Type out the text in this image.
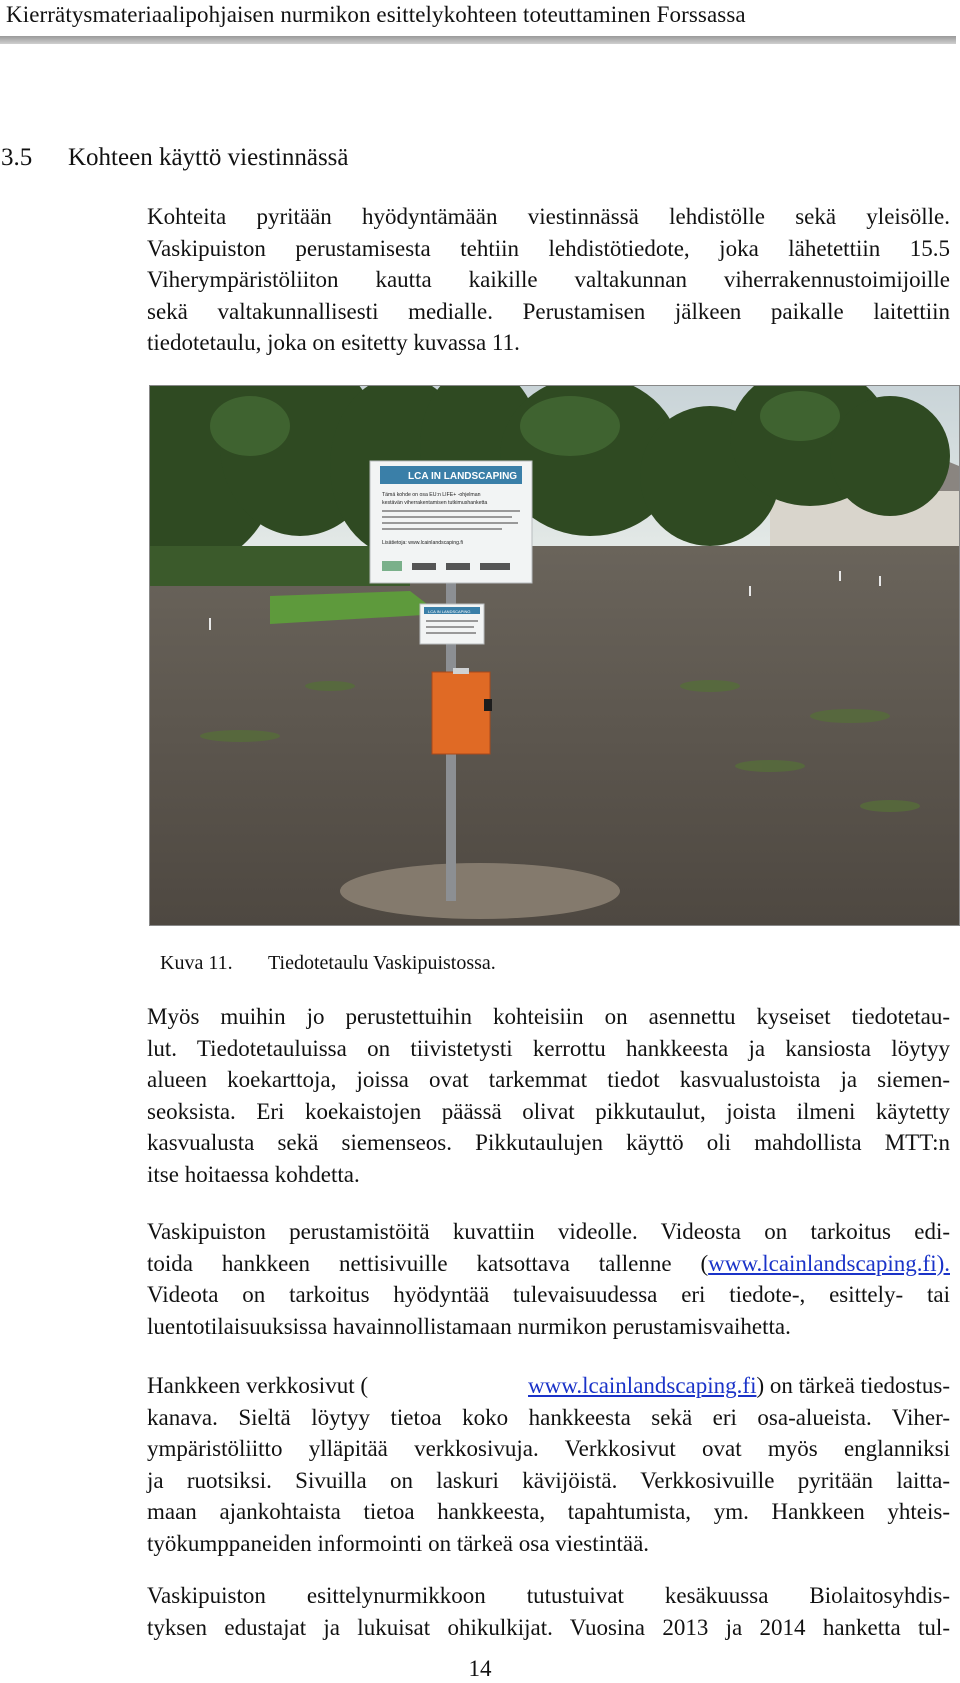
Kierrätysmateriaalipohjaisen nurmikon esittelykohteen toteuttaminen Forssassa
3.5 Kohteen käyttö viestinnässä
Kohteita pyritään hyödyntämään viestinnässä lehdistölle sekä yleisölle.
Vaskipuiston perustamisesta tehtiin lehdistötiedote, joka lähetettiin 15.5
Viherympäristöliiton kautta kaikille valtakunnan viherrakennustoimijoille
sekä valtakunnallisesti medialle. Perustamisen jälkeen paikalle laitettiin
tiedotetaulu, joka on esitetty kuvassa 11.
LCA IN LANDSCAPING
Tämä kohde on osa EU:n LIFE+ -ohjelman
kestävän viherrakentamisen tutkimushanketta
Lisätietoja: www.lcainlandscaping.fi
LCA IN LANDSCAPING
Kuva 11. Tiedotetaulu Vaskipuistossa.
Myös muihin jo perustettuihin kohteisiin on asennettu kyseiset tiedotetau-
lut. Tiedotetauluissa on tiivistetysti kerrottu hankkeesta ja kansiosta löytyy
alueen koekarttoja, joissa ovat tarkemmat tiedot kasvualustoista ja siemen-
seoksista. Eri koekaistojen päässä olivat pikkutaulut, joista ilmeni käytetty
kasvualusta sekä siemenseos. Pikkutaulujen käyttö oli mahdollista MTT:n
itse hoitaessa kohdetta.
Vaskipuiston perustamistöitä kuvattiin videolle. Videosta on tarkoitus edi-
toida hankkeen nettisivuille katsottava tallenne (www.lcainlandscaping.fi).
Videota on tarkoitus hyödyntää tulevaisuudessa eri tiedote-, esittely- tai
luentotilaisuuksissa havainnollistamaan nurmikon perustamisvaihetta.
Hankkeen verkkosivut (	www.lcainlandscaping.fi ) on tärkeä tiedostus-
kanava. Sieltä löytyy tietoa koko hankkeesta sekä eri osa-alueista. Viher-
ympäristöliitto ylläpitää verkkosivuja. Verkkosivut ovat myös englanniksi
ja ruotsiksi. Sivuilla on laskuri kävijöistä. Verkkosivuille pyritään laitta-
maan ajankohtaista tietoa hankkeesta, tapahtumista, ym. Hankkeen yhteis-
työkumppaneiden informointi on tärkeä osa viestintää.
Vaskipuiston esittelynurmikkoon tutustuivat kesäkuussa Biolaitosyhdis-
tyksen edustajat ja lukuisat ohikulkijat. Vuosina 2013 ja 2014 hanketta tul-
14
